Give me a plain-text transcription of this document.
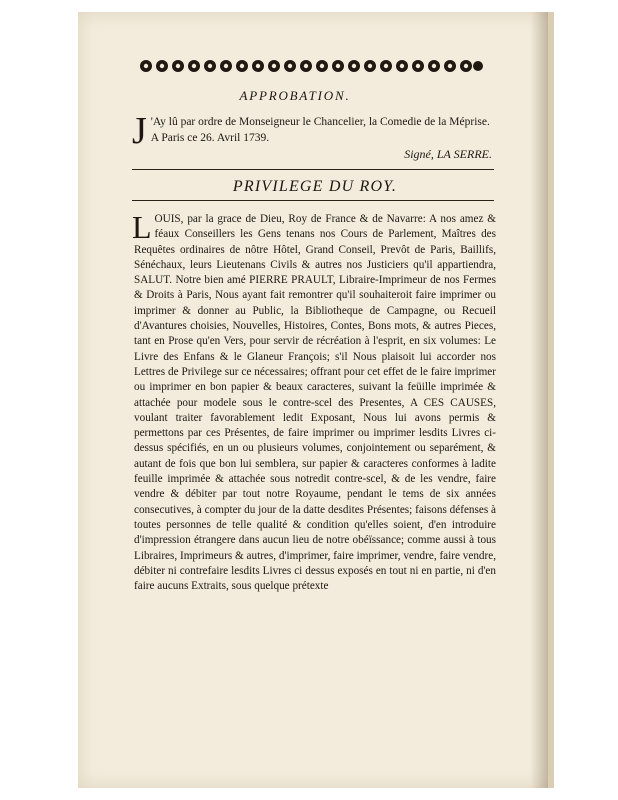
APPROBATION.
J 'Ay lû par ordre de Monseigneur le Chancelier, la Comedie de la Méprise. A Paris ce 26. Avril 1739.
Signé, LA SERRE.
PRIVILEGE DU ROY.
L OUIS, par la grace de Dieu, Roy de France & de Navarre: A nos amez & féaux Conseillers les Gens tenans nos Cours de Parlement, Maîtres des Requêtes ordinaires de nôtre Hôtel, Grand Conseil, Prevôt de Paris, Baillifs, Sénéchaux, leurs Lieutenans Civils & autres nos Justiciers qu'il appartiendra, SALUT. Notre bien amé PIERRE PRAULT, Libraire-Imprimeur de nos Fermes & Droits à Paris, Nous ayant fait remontrer qu'il souhaiteroit faire imprimer ou imprimer & donner au Public, la Bibliotheque de Campagne, ou Recueil d'Avantures choisies, Nouvelles, Histoires, Contes, Bons mots, & autres Pieces, tant en Prose qu'en Vers, pour servir de récréation à l'esprit, en six volumes: Le Livre des Enfans & le Glaneur François; s'il Nous plaisoit lui accorder nos Lettres de Privilege sur ce nécessaires; offrant pour cet effet de le faire imprimer ou imprimer en bon papier & beaux caracteres, suivant la feüille imprimée & attachée pour modele sous le contre-scel des Presentes, A CES CAUSES, voulant traiter favorablement ledit Exposant, Nous lui avons permis & permettons par ces Présentes, de faire imprimer ou imprimer lesdits Livres ci-dessus spécifiés, en un ou plusieurs volumes, conjointement ou separément, & autant de fois que bon lui semblera, sur papier & caracteres conformes à ladite feuille imprimée & attachée sous notredit contre-scel, & de les vendre, faire vendre & débiter par tout notre Royaume, pendant le tems de six années consecutives, à compter du jour de la datte desdites Présentes; faisons défenses à toutes personnes de telle qualité & condition qu'elles soient, d'en introduire d'impression étrangere dans aucun lieu de notre obéïssance; comme aussi à tous Libraires, Imprimeurs & autres, d'imprimer, faire imprimer, vendre, faire vendre, débiter ni contrefaire lesdits Livres ci dessus exposés en tout ni en partie, ni d'en faire aucuns Extraits, sous quelque prétexte
